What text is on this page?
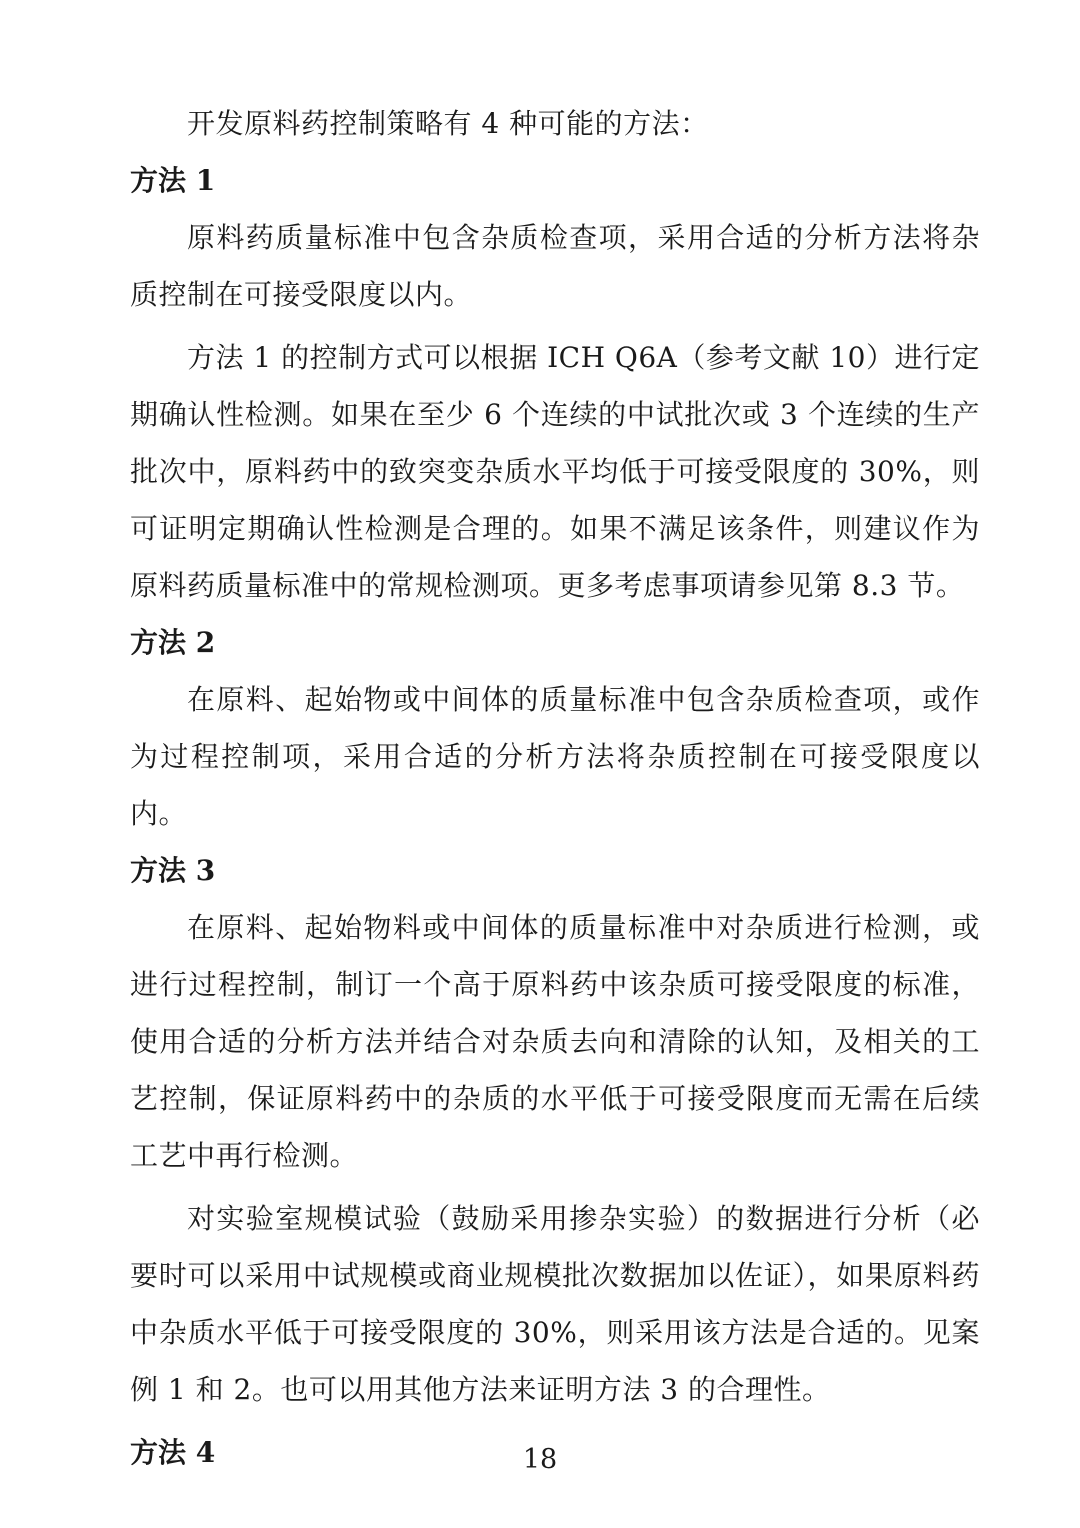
开发原料药控制策略有 4 种可能的方法：

方法 1

原料药质量标准中包含杂质检查项，采用合适的分析方法将杂质控制在可接受限度以内。

方法 1 的控制方式可以根据 ICH Q6A（参考文献 10）进行定期确认性检测。如果在至少 6 个连续的中试批次或 3 个连续的生产批次中，原料药中的致突变杂质水平均低于可接受限度的 30%，则可证明定期确认性检测是合理的。如果不满足该条件，则建议作为原料药质量标准中的常规检测项。更多考虑事项请参见第 8.3 节。

方法 2

在原料、起始物或中间体的质量标准中包含杂质检查项，或作为过程控制项，采用合适的分析方法将杂质控制在可接受限度以内。

方法 3

在原料、起始物料或中间体的质量标准中对杂质进行检测，或进行过程控制，制订一个高于原料药中该杂质可接受限度的标准，使用合适的分析方法并结合对杂质去向和清除的认知，及相关的工艺控制，保证原料药中的杂质的水平低于可接受限度而无需在后续工艺中再行检测。

对实验室规模试验（鼓励采用掺杂实验）的数据进行分析（必要时可以采用中试规模或商业规模批次数据加以佐证），如果原料药中杂质水平低于可接受限度的 30%，则采用该方法是合适的。见案例 1 和 2。也可以用其他方法来证明方法 3 的合理性。

方法 4	18
